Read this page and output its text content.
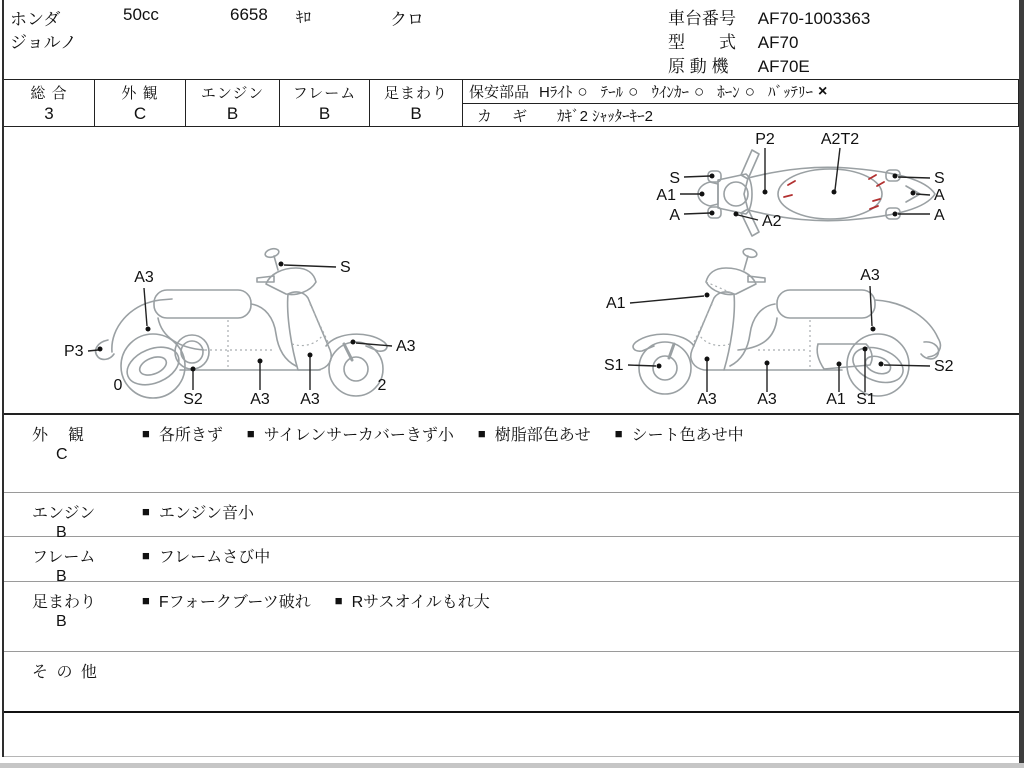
ホンダ	50cc	6658 ｷﾛ	クロ
ジョルノ
車台番号 AF70-1003363
型　　式 AF70
原 動 機 AF70E
総 合
3
外 観
C
エンジン
B
フレーム
B
足まわり
B
保安部品 Hﾗｲﾄ ○ ﾃｰﾙ ○ ｳｲﾝｶｰ ○ ﾎｰﾝ ○ ﾊﾞｯﾃﾘｰ ×
カ ギ ｶｷﾞ2 ｼｬｯﾀｰｷｰ2
P2	A2T2
S
A1
A	A2
S
A
A
A3
S
P3
0
S2	A3 A3
A3
2
A1
A3
S1	S2
A3	A3	A1 S1
外　観
C
■ 各所きず ■ サイレンサーカバーきず小 ■ 樹脂部色あせ ■ シート色あせ中
エンジン
B
■ エンジン音小
フレーム
B
■ フレームさび中
足まわり
B
■ Fフォークブーツ破れ ■ Rサスオイルもれ大
そ の 他
